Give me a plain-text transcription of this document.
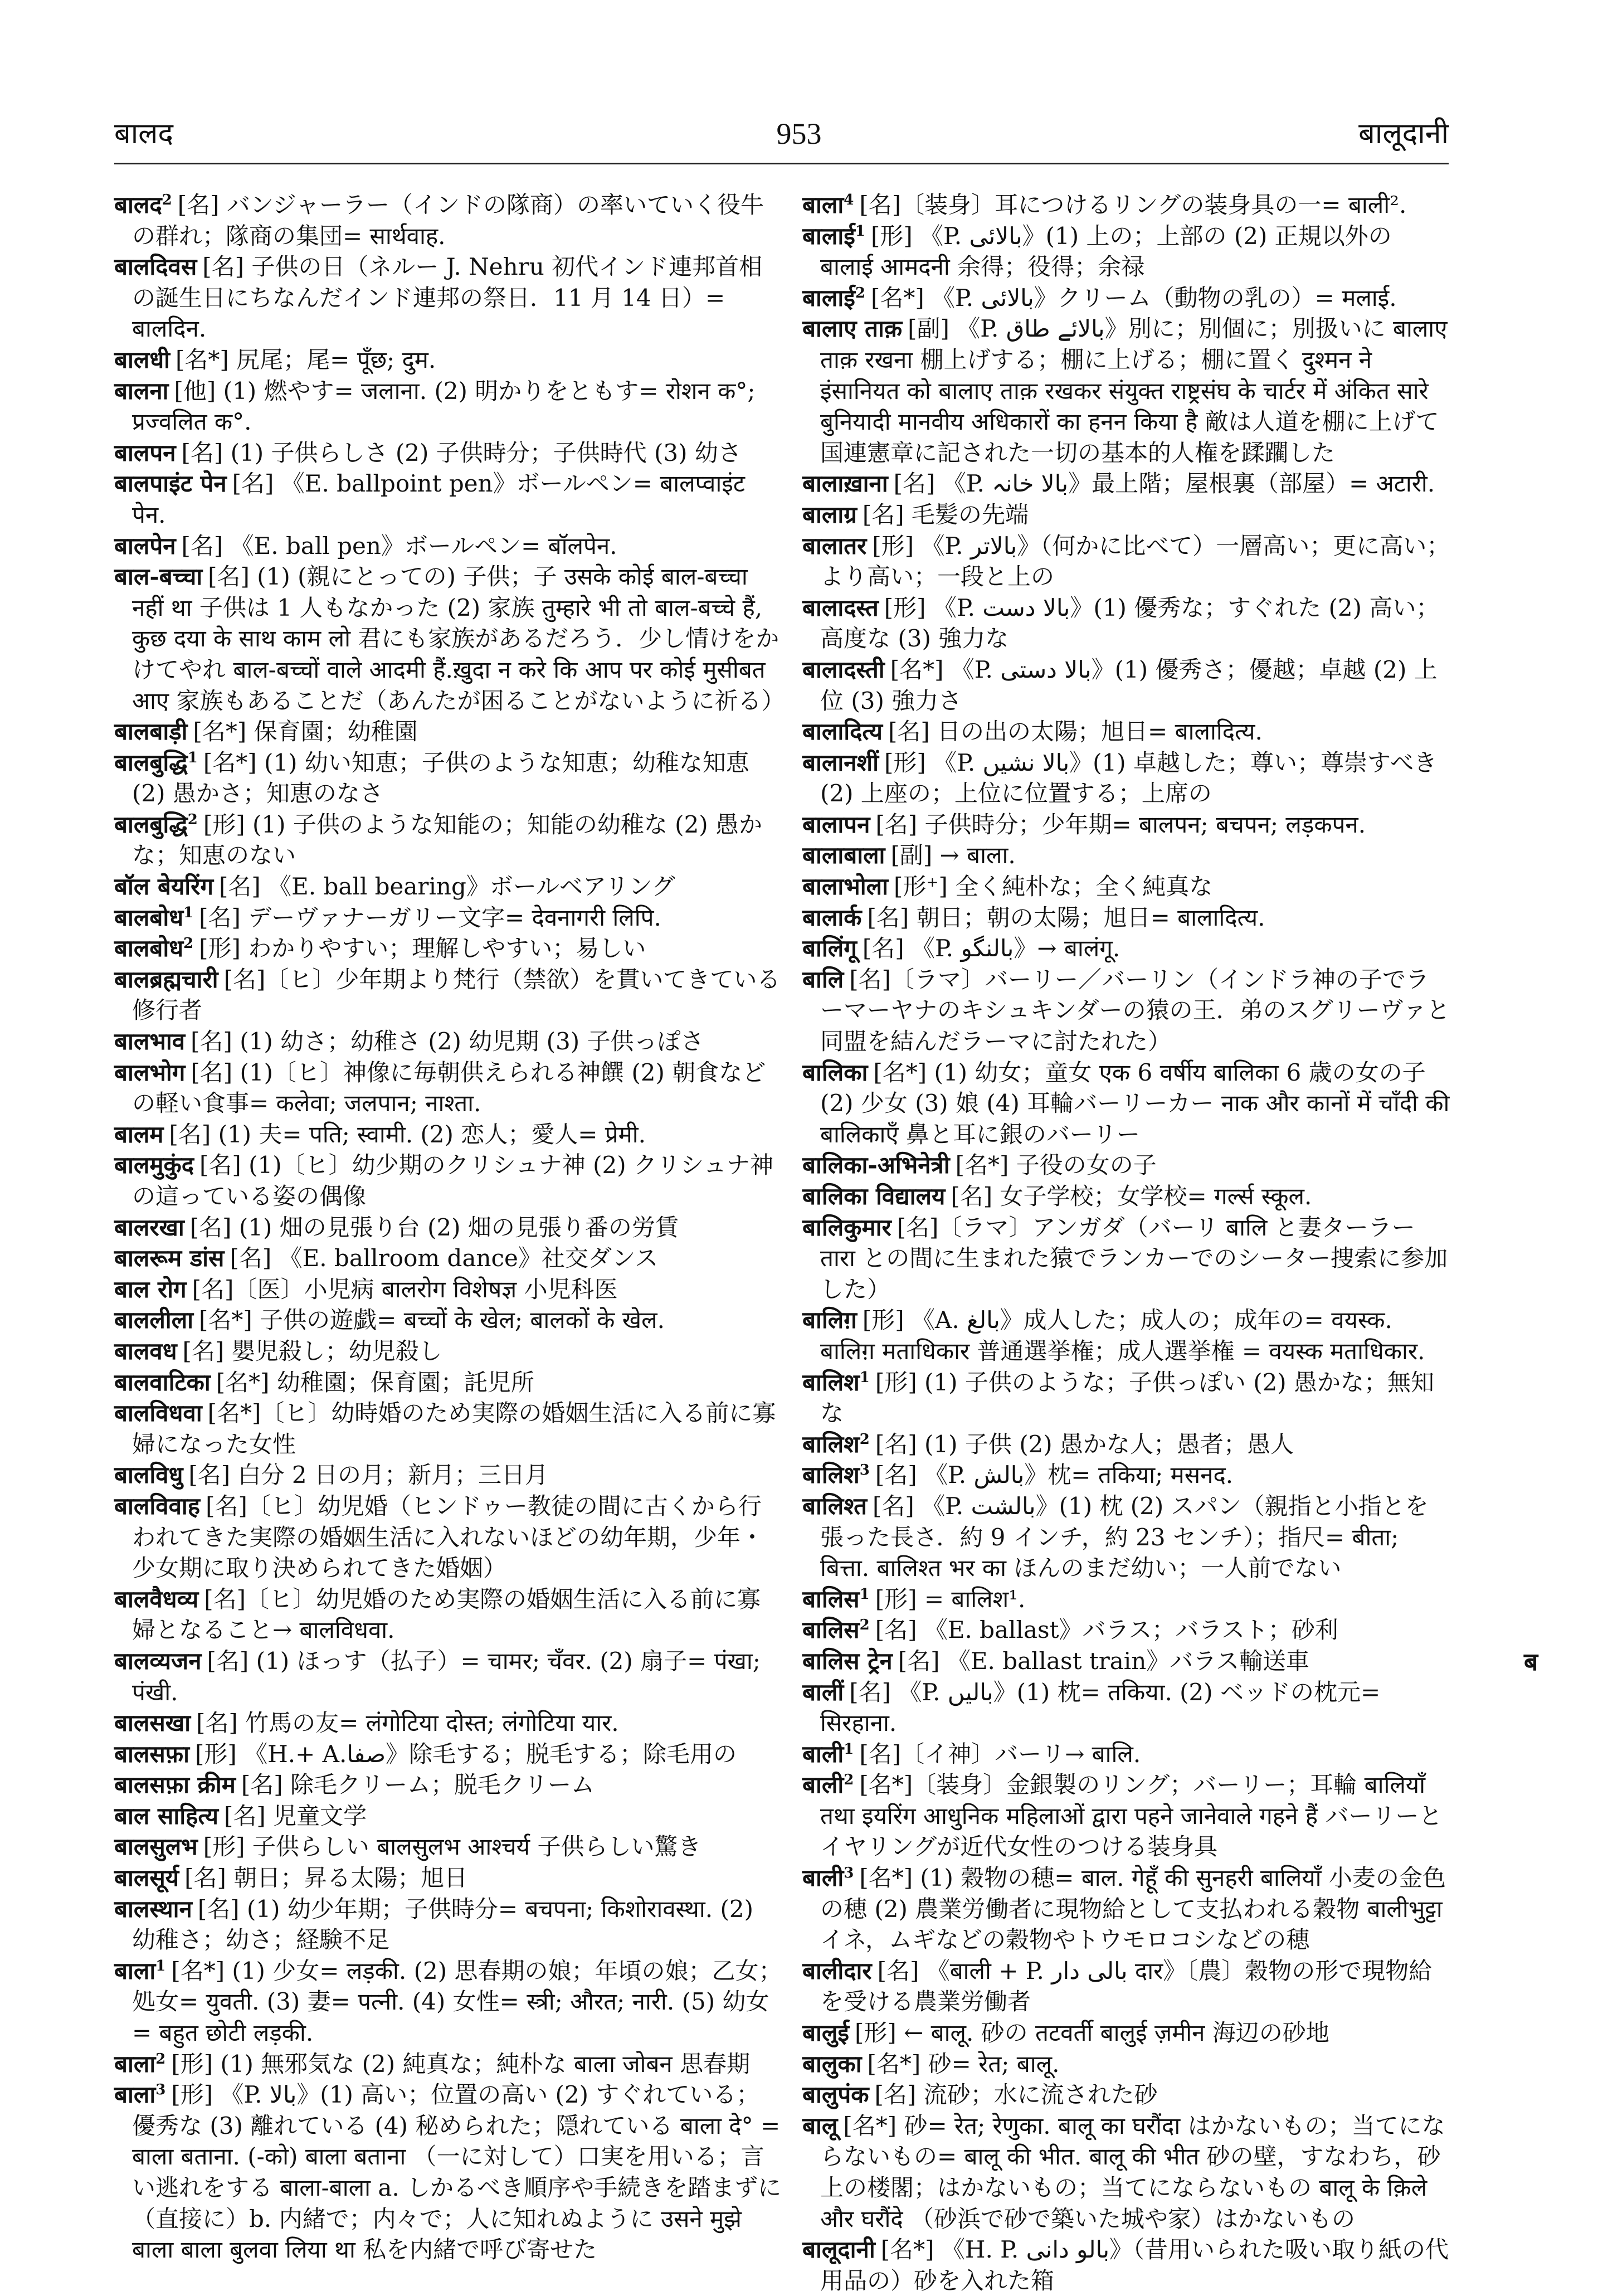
953
बालद	बालूदानी
बालद$^2$ [名] バンジャーラー（インドの隊商）の率いていく役牛の群れ；隊商の集団= सार्थवाह.
बालदिवस [名] 子供の日（ネルー J. Nehru 初代インド連邦首相の誕生日にちなんだインド連邦の祭日．11 月 14 日）= बालदिन.
बालधी [名*] 尻尾；尾= पूँछ; दुम.
बालना [他] (1) 燃やす= जलाना. (2) 明かりをともす= रोशन क°; प्रज्वलित क°.
बालपन [名] (1) 子供らしさ (2) 子供時分；子供時代 (3) 幼さ
बालपाइंट पेन [名] 《E. ballpoint pen》ボールペン= बालप्वाइंट पेन.
बालपेन [名] 《E. ball pen》ボールペン= बॉलपेन.
बाल-बच्चा [名] (1) (親にとっての) 子供；子 उसके कोई बाल-बच्चा नहीं था 子供は 1 人もなかった (2) 家族 तुम्हारे भी तो बाल-बच्चे हैं, कुछ दया के साथ काम लो 君にも家族があるだろう．少し情けをかけてやれ बाल-बच्चों वाले आदमी हैं.ख़ुदा न करे कि आप पर कोई मुसीबत आए 家族もあることだ（あんたが困ることがないように祈る）
बालबाड़ी [名*] 保育園；幼稚園
बालबुद्धि$^1$ [名*] (1) 幼い知恵；子供のような知恵；幼稚な知恵 (2) 愚かさ；知恵のなさ
बालबुद्धि$^2$ [形] (1) 子供のような知能の；知能の幼稚な (2) 愚かな；知恵のない
बॉल बेयरिंग [名] 《E. ball bearing》ボールベアリング
बालबोध$^1$ [名] デーヴァナーガリー文字= देवनागरी लिपि.
बालबोध$^2$ [形] わかりやすい；理解しやすい；易しい
बालब्रह्मचारी [名]〔ヒ〕少年期より梵行（禁欲）を貫いてきている修行者
बालभाव [名] (1) 幼さ；幼稚さ (2) 幼児期 (3) 子供っぽさ
बालभोग [名] (1)〔ヒ〕神像に毎朝供えられる神饌 (2) 朝食などの軽い食事= कलेवा; जलपान; नाश्ता.
बालम [名] (1) 夫= पति; स्वामी. (2) 恋人；愛人= प्रेमी.
बालमुकुंद [名] (1)〔ヒ〕幼少期のクリシュナ神 (2) クリシュナ神の這っている姿の偶像
बालरखा [名] (1) 畑の見張り台 (2) 畑の見張り番の労賃
बालरूम डांस [名] 《E. ballroom dance》社交ダンス
बाल रोग [名]〔医〕小児病 बालरोग विशेषज्ञ 小児科医
बाललीला [名*] 子供の遊戯= बच्चों के खेल; बालकों के खेल.
बालवध [名] 嬰児殺し；幼児殺し
बालवाटिका [名*] 幼稚園；保育園；託児所
बालविधवा [名*]〔ヒ〕幼時婚のため実際の婚姻生活に入る前に寡婦になった女性
बालविधु [名] 白分 2 日の月；新月；三日月
बालविवाह [名]〔ヒ〕幼児婚（ヒンドゥー教徒の間に古くから行われてきた実際の婚姻生活に入れないほどの幼年期，少年・少女期に取り決められてきた婚姻）
बालवैधव्य [名]〔ヒ〕幼児婚のため実際の婚姻生活に入る前に寡婦となること→ बालविधवा.
बालव्यजन [名] (1) ほっす（払子）= चामर; चँवर. (2) 扇子= पंखा; पंखी.
बालसखा [名] 竹馬の友= लंगोटिया दोस्त; लंगोटिया यार.
बालसफ़ा [形] 《H.+ A.صفا》除毛する；脱毛する；除毛用の
बालसफ़ा क्रीम [名] 除毛クリーム；脱毛クリーム
बाल साहित्य [名] 児童文学
बालसुलभ [形] 子供らしい बालसुलभ आश्चर्य 子供らしい驚き
बालसूर्य [名] 朝日；昇る太陽；旭日
बालस्थान [名] (1) 幼少年期；子供時分= बचपना; किशोरावस्था. (2) 幼稚さ；幼さ；経験不足
बाला$^1$ [名*] (1) 少女= लड़की. (2) 思春期の娘；年頃の娘；乙女；処女= युवती. (3) 妻= पत्नी. (4) 女性= स्त्री; औरत; नारी. (5) 幼女= बहुत छोटी लड़की.
बाला$^2$ [形] (1) 無邪気な (2) 純真な；純朴な बाला जोबन 思春期
बाला$^3$ [形] 《P. بالا》(1) 高い；位置の高い (2) すぐれている；優秀な (3) 離れている (4) 秘められた；隠れている बाला दे° = बाला बताना. (-को) बाला बताना （一に対して）口実を用いる；言い逃れをする बाला-बाला a. しかるべき順序や手続きを踏まずに（直接に）b. 内緒で；内々で；人に知れぬように उसने मुझे बाला बाला बुलवा लिया था 私を内緒で呼び寄せた
बाला$^4$ [名]〔装身〕耳につけるリングの装身具の一= बाली².
बालाई$^1$ [形] 《P. بالائی》(1) 上の；上部の (2) 正規以外の बालाई आमदनी 余得；役得；余禄
बालाई$^2$ [名*] 《P. بالائی》クリーム（動物の乳の）= मलाई.
बालाए ताक़ [副] 《P. بالائے طاق》別に；別個に；別扱いに बालाए ताक़ रखना 棚上げする；棚に上げる；棚に置く दुश्मन ने इंसानियत को बालाए ताक़ रखकर संयुक्त राष्ट्रसंघ के चार्टर में अंकित सारे बुनियादी मानवीय अधिकारों का हनन किया है 敵は人道を棚に上げて国連憲章に記された一切の基本的人権を蹂躙した
बालाख़ाना [名] 《P. بالا خانہ》最上階；屋根裏（部屋）= अटारी.
बालाग्र [名] 毛髪の先端
बालातर [形] 《P. بالاتر》（何かに比べて）一層高い；更に高い；より高い；一段と上の
बालादस्त [形] 《P. بالا دست》(1) 優秀な；すぐれた (2) 高い；高度な (3) 強力な
बालादस्ती [名*] 《P. بالا دستی》(1) 優秀さ；優越；卓越 (2) 上位 (3) 強力さ
बालादित्य [名] 日の出の太陽；旭日= बालादित्य.
बालानशीं [形] 《P. بالا نشیں》(1) 卓越した；尊い；尊崇すべき (2) 上座の；上位に位置する；上席の
बालापन [名] 子供時分；少年期= बालपन; बचपन; लड़कपन.
बालाबाला [副] → बाला.
बालाभोला [形⁺] 全く純朴な；全く純真な
बालार्क [名] 朝日；朝の太陽；旭日= बालादित्य.
बालिंगू [名] 《P. بالنگو》→ बालंगू.
बालि [名]〔ラマ〕バーリー／バーリン（インドラ神の子でラーマーヤナのキシュキンダーの猿の王．弟のスグリーヴァと同盟を結んだラーマに討たれた）
बालिका [名*] (1) 幼女；童女 एक 6 वर्षीय बालिका 6 歳の女の子 (2) 少女 (3) 娘 (4) 耳輪バーリーカー नाक और कानों में चाँदी की बालिकाएँ 鼻と耳に銀のバーリー
बालिका-अभिनेत्री [名*] 子役の女の子
बालिका विद्यालय [名] 女子学校；女学校= गर्ल्स स्कूल.
बालिकुमार [名]〔ラマ〕アンガダ（バーリ बालि と妻ターラー तारा との間に生まれた猿でランカーでのシーター捜索に参加した）
बालिग़ [形] 《A. بالغ》成人した；成人の；成年の= वयस्क. बालिग़ मताधिकार 普通選挙権；成人選挙権 = वयस्क मताधिकार.
बालिश$^1$ [形] (1) 子供のような；子供っぽい (2) 愚かな；無知な
बालिश$^2$ [名] (1) 子供 (2) 愚かな人；愚者；愚人
बालिश$^3$ [名] 《P. بالش》枕= तकिया; मसनद.
बालिश्त [名] 《P. بالشت》(1) 枕 (2) スパン（親指と小指とを張った長さ．約 9 インチ，約 23 センチ）；指尺= बीता; बित्ता. बालिश्त भर का ほんのまだ幼い；一人前でない
बालिस$^1$ [形] = बालिश¹.
बालिस$^2$ [名] 《E. ballast》バラス；バラスト；砂利
बालिस ट्रेन [名] 《E. ballast train》バラス輸送車
बालीं [名] 《P. بالیں》(1) 枕= तकिया. (2) ベッドの枕元= सिरहाना.
बाली$^1$ [名]〔イ神〕バーリ→ बालि.
बाली$^2$ [名*]〔装身〕金銀製のリング；バーリー；耳輪 बालियाँ तथा इयरिंग आधुनिक महिलाओं द्वारा पहने जानेवाले गहने हैं バーリーとイヤリングが近代女性のつける装身具
बाली$^3$ [名*] (1) 穀物の穂= बाल. गेहूँ की सुनहरी बालियाँ 小麦の金色の穂 (2) 農業労働者に現物給として支払われる穀物 बालीभुट्टा イネ，ムギなどの穀物やトウモロコシなどの穂
बालीदार [名] 《बाली + P. بالی دار दार》〔農〕穀物の形で現物給を受ける農業労働者
बालुई [形] ← बालू. 砂の तटवर्ती बालुई ज़मीन 海辺の砂地
बालुका [名*] 砂= रेत; बालू.
बालुपंक [名] 流砂；水に流された砂
बालू [名*] 砂= रेत; रेणुका. बालू का घरौंदा はかないもの；当てにならないもの= बालू की भीत. बालू की भीत 砂の壁，すなわち，砂上の楼閣；はかないもの；当てにならないもの बालू के क़िले और घरौंदे （砂浜で砂で築いた城や家）はかないもの
बालूदानी [名*] 《H. P. بالو دانی》（昔用いられた吸い取り紙の代用品の）砂を入れた箱
ब
